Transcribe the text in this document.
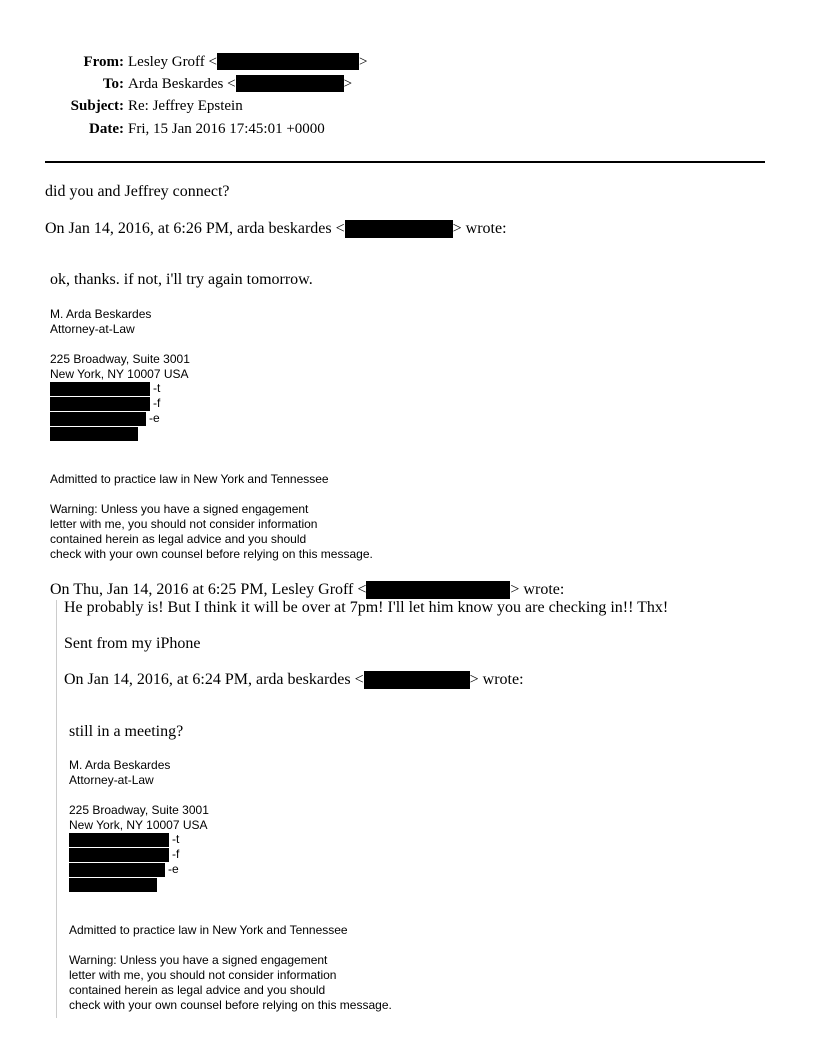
From: Lesley Groff <	>
To: Arda Beskardes <	>
Subject: Re: Jeffrey Epstein
Date: Fri, 15 Jan 2016 17:45:01 +0000
did you and Jeffrey connect?
On Jan 14, 2016, at 6:26 PM, arda beskardes <	> wrote:
ok, thanks. if not, i'll try again tomorrow.
M. Arda Beskardes
Attorney-at-Law
225 Broadway, Suite 3001
New York, NY 10007 USA
-t
-f
-e
Admitted to practice law in New York and Tennessee
Warning: Unless you have a signed engagement
letter with me, you should not consider information
contained herein as legal advice and you should
check with your own counsel before relying on this message.
On Thu, Jan 14, 2016 at 6:25 PM, Lesley Groff <	> wrote:
He probably is! But I think it will be over at 7pm! I'll let him know you are checking in!! Thx!
Sent from my iPhone
On Jan 14, 2016, at 6:24 PM, arda beskardes <	> wrote:
still in a meeting?
M. Arda Beskardes
Attorney-at-Law
225 Broadway, Suite 3001
New York, NY 10007 USA
-t
-f
-e
Admitted to practice law in New York and Tennessee
Warning: Unless you have a signed engagement
letter with me, you should not consider information
contained herein as legal advice and you should
check with your own counsel before relying on this message.
